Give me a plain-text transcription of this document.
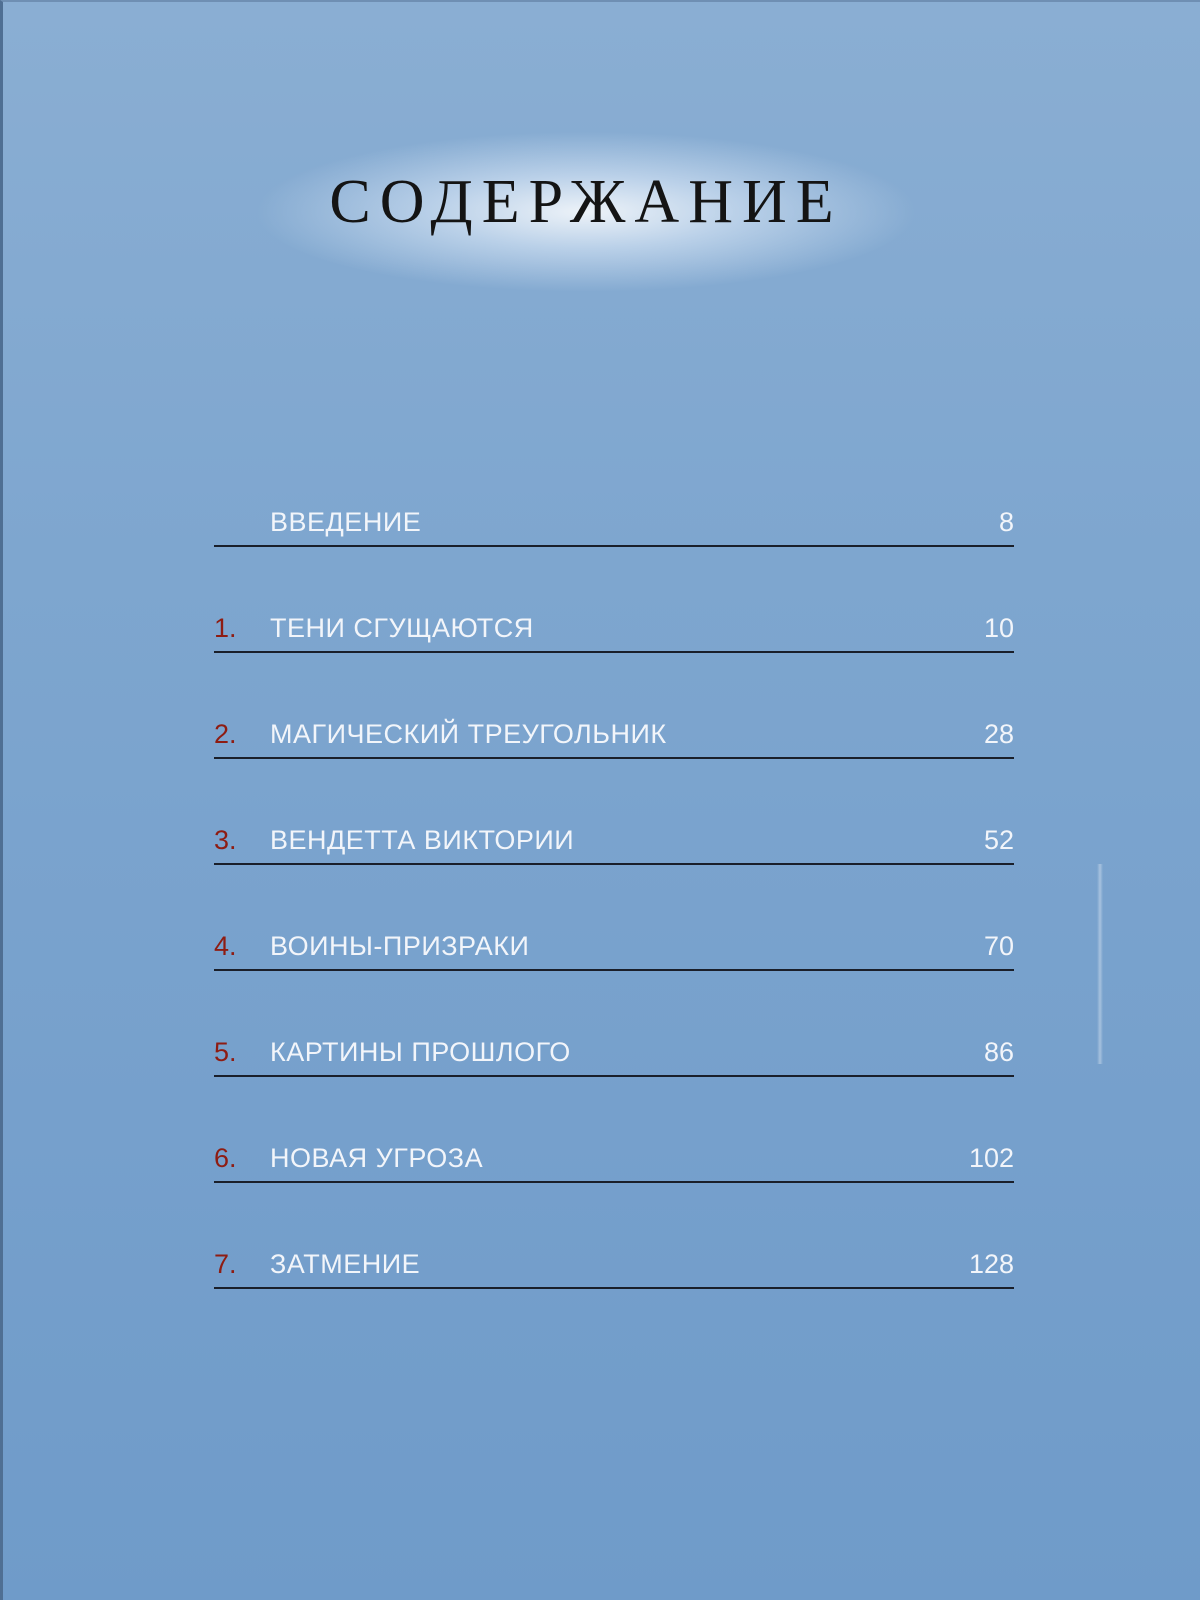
СОДЕРЖАНИЕ
ВВЕДЕНИЕ	8
1. ТЕНИ СГУЩАЮТСЯ	10
2. МАГИЧЕСКИЙ ТРЕУГОЛЬНИК	28
3. ВЕНДЕТТА ВИКТОРИИ	52
4. ВОИНЫ-ПРИЗРАКИ	70
5. КАРТИНЫ ПРОШЛОГО	86
6. НОВАЯ УГРОЗА	102
7. ЗАТМЕНИЕ	128
